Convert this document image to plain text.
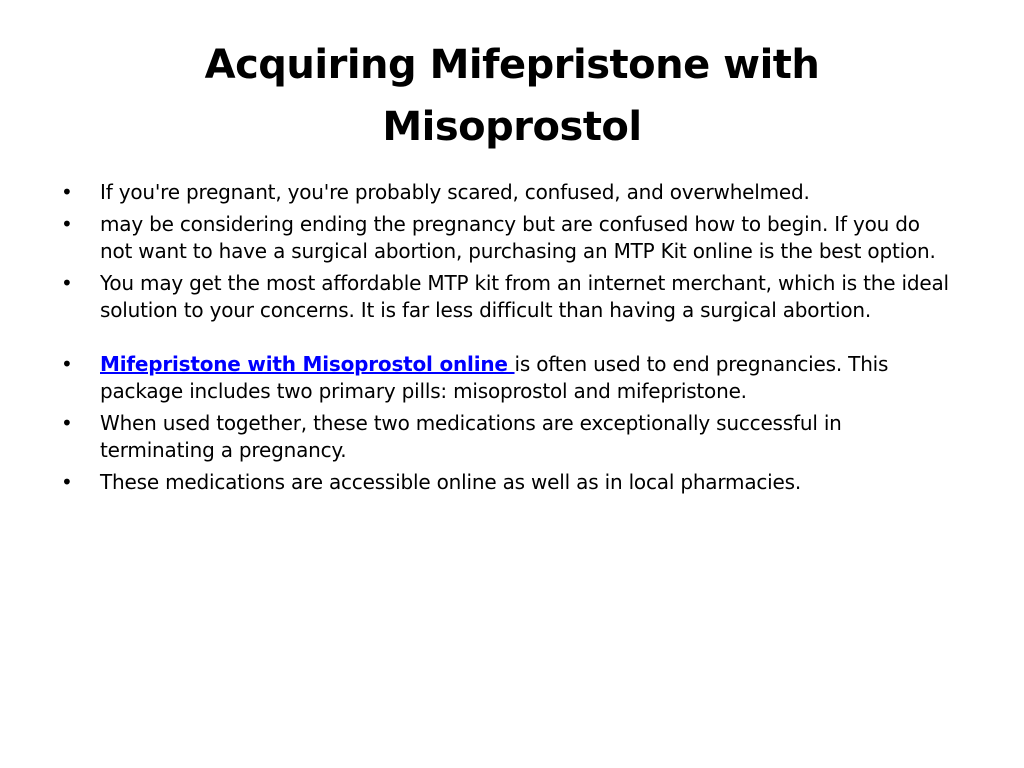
Acquiring Mifepristone with
Misoprostol
• If you're pregnant, you're probably scared, confused, and overwhelmed.
• may be considering ending the pregnancy but are confused how to begin. If you do not want to have a surgical abortion, purchasing an MTP Kit online is the best option.
• You may get the most affordable MTP kit from an internet merchant, which is the ideal solution to your concerns. It is far less difficult than having a surgical abortion.
• Mifepristone with Misoprostol online is often used to end pregnancies. This package includes two primary pills: misoprostol and mifepristone.
• When used together, these two medications are exceptionally successful in terminating a pregnancy.
• These medications are accessible online as well as in local pharmacies.
